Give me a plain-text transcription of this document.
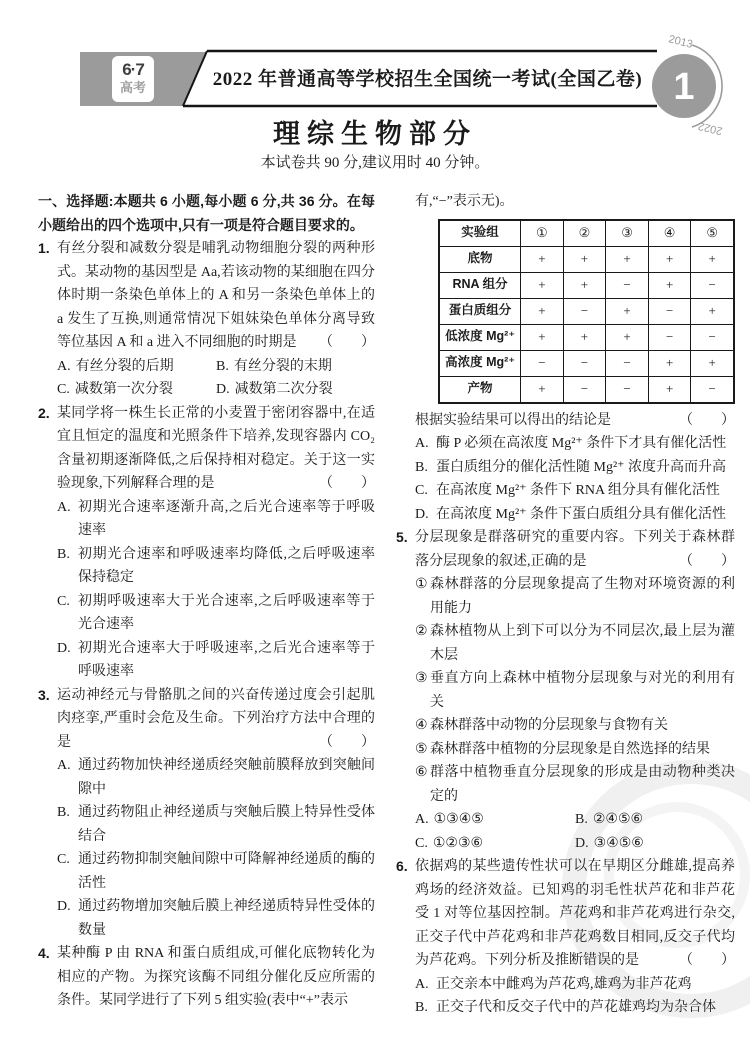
6·7
高考	2022 年普通高等学校招生全国统一考试(全国乙卷) 1
2013
2022
理综生物部分
本试卷共 90 分,建议用时 40 分钟。
一、选择题:本题共 6 小题,每小题 6 分,共 36 分。在每小题给出的四个选项中,只有一项是符合题目要求的。
1. 有丝分裂和减数分裂是哺乳动物细胞分裂的两种形式。某动物的基因型是 Aa,若该动物的某细胞在四分体时期一条染色单体上的 A 和另一条染色单体上的 a 发生了互换,则通常情况下姐妹染色单体分离导致等位基因 A 和 a 进入不同细胞的时期是 （　　）
A. 有丝分裂的后期	B. 有丝分裂的末期
C. 减数第一次分裂	D. 减数第二次分裂
2. 某同学将一株生长正常的小麦置于密闭容器中,在适宜且恒定的温度和光照条件下培养,发现容器内 CO₂ 含量初期逐渐降低,之后保持相对稳定。关于这一实验现象,下列解释合理的是	（　　）
A. 初期光合速率逐渐升高,之后光合速率等于呼吸速率
B. 初期光合速率和呼吸速率均降低,之后呼吸速率保持稳定
C. 初期呼吸速率大于光合速率,之后呼吸速率等于光合速率
D. 初期光合速率大于呼吸速率,之后光合速率等于呼吸速率
3. 运动神经元与骨骼肌之间的兴奋传递过度会引起肌肉痉挛,严重时会危及生命。下列治疗方法中合理的是	（　　）
A. 通过药物加快神经递质经突触前膜释放到突触间隙中
B. 通过药物阻止神经递质与突触后膜上特异性受体结合
C. 通过药物抑制突触间隙中可降解神经递质的酶的活性
D. 通过药物增加突触后膜上神经递质特异性受体的数量
4. 某种酶 P 由 RNA 和蛋白质组成,可催化底物转化为相应的产物。为探究该酶不同组分催化反应所需的条件。某同学进行了下列 5 组实验(表中“+”表示
有,“−”表示无)。
实验组	①	②	③	④	⑤
底物	+	+	+	+	+
RNA 组分	+	+	−	+	−
蛋白质组分	+	−	+	−	+
低浓度 Mg²⁺	+	+	+	−	−
高浓度 Mg²⁺	−	−	−	+	+
产物	+	−	−	+	−
根据实验结果可以得出的结论是	（　　）
A. 酶 P 必须在高浓度 Mg²⁺ 条件下才具有催化活性
B. 蛋白质组分的催化活性随 Mg²⁺ 浓度升高而升高
C. 在高浓度 Mg²⁺ 条件下 RNA 组分具有催化活性
D. 在高浓度 Mg²⁺ 条件下蛋白质组分具有催化活性
5. 分层现象是群落研究的重要内容。下列关于森林群落分层现象的叙述,正确的是	（　　）
① 森林群落的分层现象提高了生物对环境资源的利用能力
② 森林植物从上到下可以分为不同层次,最上层为灌木层
③ 垂直方向上森林中植物分层现象与对光的利用有关
④ 森林群落中动物的分层现象与食物有关
⑤ 森林群落中植物的分层现象是自然选择的结果
⑥ 群落中植物垂直分层现象的形成是由动物种类决定的
A. ①③④⑤	B. ②④⑤⑥
C. ①②③⑥	D. ③④⑤⑥
6. 依据鸡的某些遗传性状可以在早期区分雌雄,提高养鸡场的经济效益。已知鸡的羽毛性状芦花和非芦花受 1 对等位基因控制。芦花鸡和非芦花鸡进行杂交,正交子代中芦花鸡和非芦花鸡数目相同,反交子代均为芦花鸡。下列分析及推断错误的是	（　　）
A. 正交亲本中雌鸡为芦花鸡,雄鸡为非芦花鸡
B. 正交子代和反交子代中的芦花雄鸡均为杂合体
